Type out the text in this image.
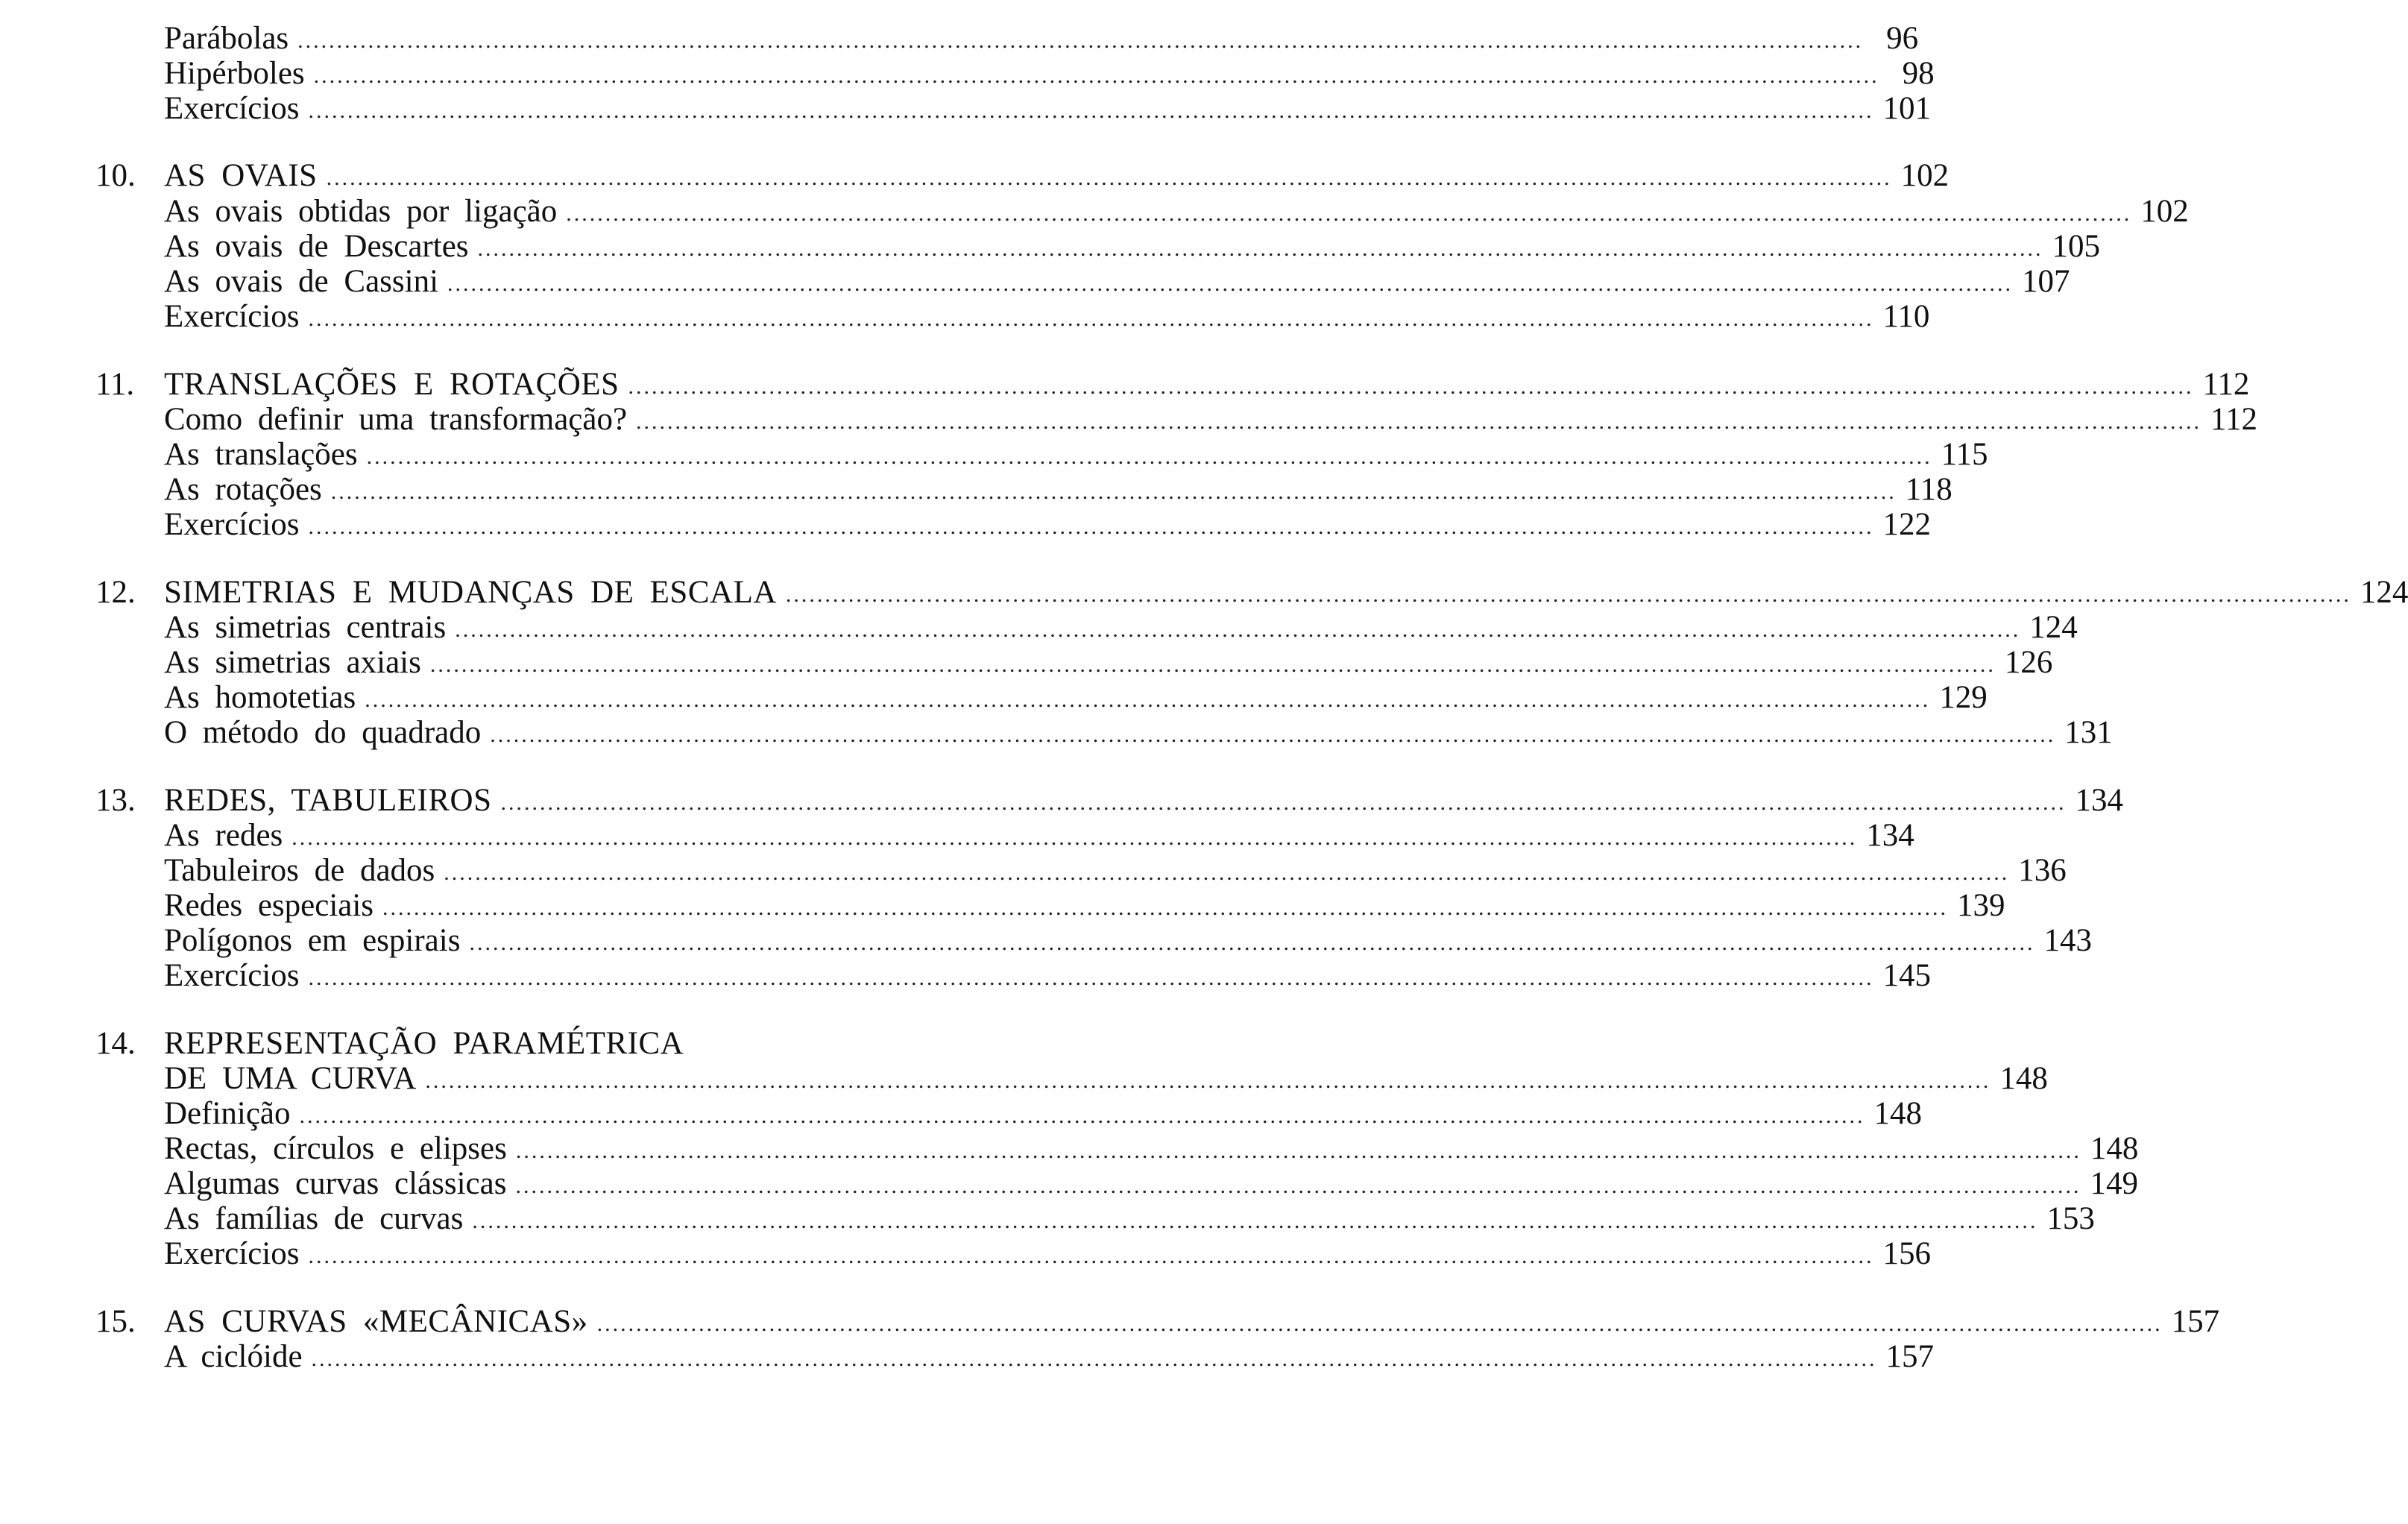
Parábolas ........................................................................................................................................................................................................ 96
Hipérboles ........................................................................................................................................................................................................ 98
Exercícios ........................................................................................................................................................................................................ 101
10. AS OVAIS ........................................................................................................................................................................................................ 102
As ovais obtidas por ligação ........................................................................................................................................................................................................ 102
As ovais de Descartes ........................................................................................................................................................................................................ 105
As ovais de Cassini ........................................................................................................................................................................................................ 107
Exercícios ........................................................................................................................................................................................................ 110
11. TRANSLAÇÕES E ROTAÇÕES ........................................................................................................................................................................................................ 112
Como definir uma transformação? ........................................................................................................................................................................................................ 112
As translações ........................................................................................................................................................................................................ 115
As rotações ........................................................................................................................................................................................................ 118
Exercícios ........................................................................................................................................................................................................ 122
12. SIMETRIAS E MUDANÇAS DE ESCALA ........................................................................................................................................................................................................ 124
As simetrias centrais ........................................................................................................................................................................................................ 124
As simetrias axiais ........................................................................................................................................................................................................ 126
As homotetias ........................................................................................................................................................................................................ 129
O método do quadrado ........................................................................................................................................................................................................ 131
13. REDES, TABULEIROS ........................................................................................................................................................................................................ 134
As redes ........................................................................................................................................................................................................ 134
Tabuleiros de dados ........................................................................................................................................................................................................ 136
Redes especiais ........................................................................................................................................................................................................ 139
Polígonos em espirais ........................................................................................................................................................................................................ 143
Exercícios ........................................................................................................................................................................................................ 145
14. REPRESENTAÇÃO PARAMÉTRICA
DE UMA CURVA ........................................................................................................................................................................................................ 148
Definição ........................................................................................................................................................................................................ 148
Rectas, círculos e elipses ........................................................................................................................................................................................................ 148
Algumas curvas clássicas ........................................................................................................................................................................................................ 149
As famílias de curvas ........................................................................................................................................................................................................ 153
Exercícios ........................................................................................................................................................................................................ 156
15. AS CURVAS «MECÂNICAS» ........................................................................................................................................................................................................ 157
A ciclóide ........................................................................................................................................................................................................ 157
